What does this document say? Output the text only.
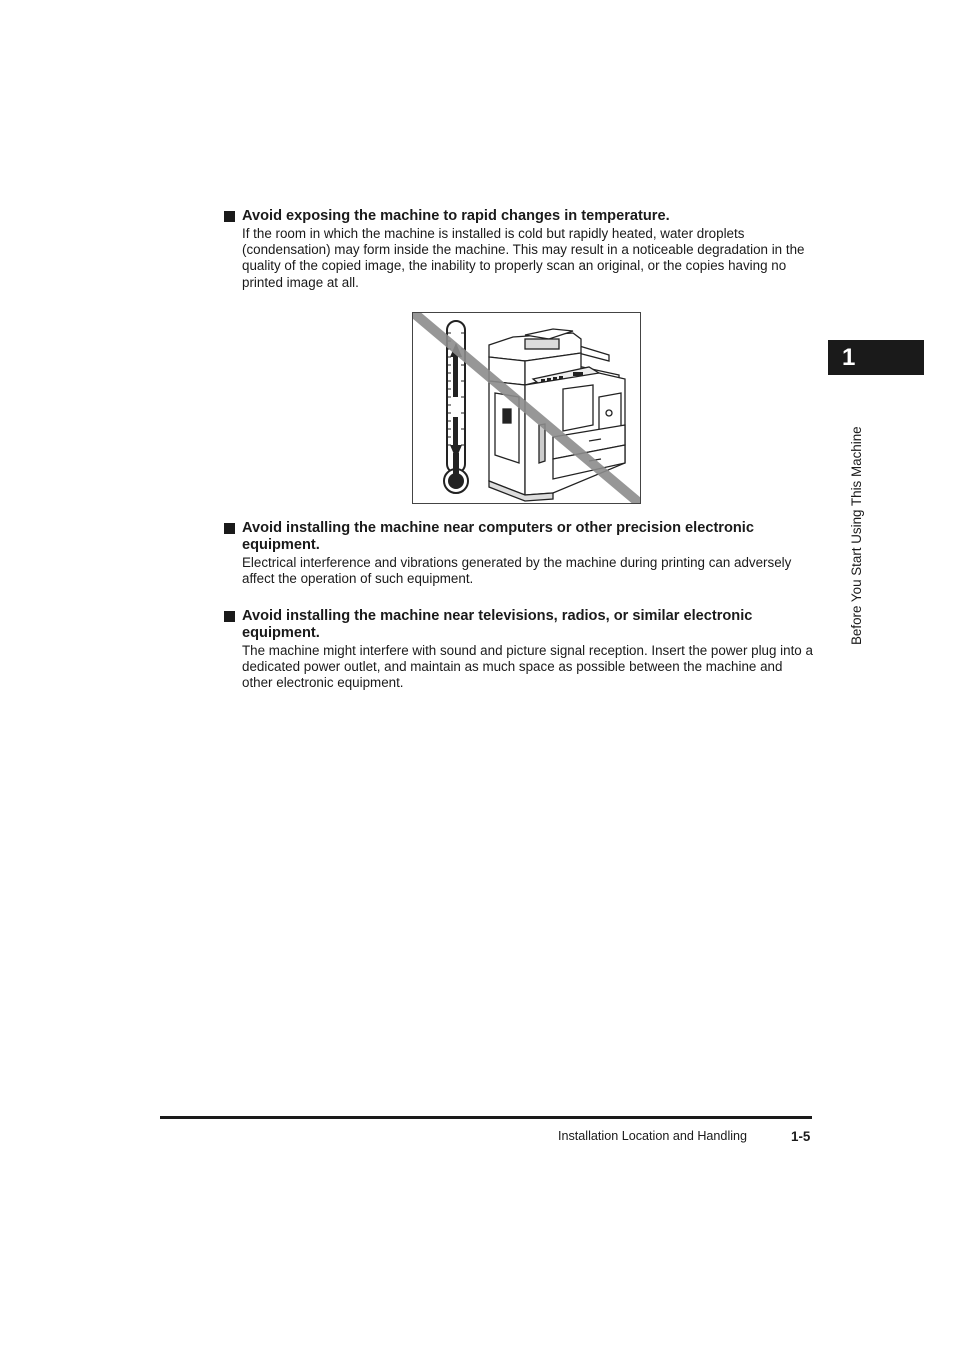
Avoid exposing the machine to rapid changes in temperature.

If the room in which the machine is installed is cold but rapidly heated, water droplets (condensation) may form inside the machine. This may result in a noticeable degradation in the quality of the copied image, the inability to properly scan an original, or the copies having no printed image at all.

Avoid installing the machine near computers or other precision electronic equipment.

Electrical interference and vibrations generated by the machine during printing can adversely affect the operation of such equipment.

Avoid installing the machine near televisions, radios, or similar electronic equipment.

The machine might interfere with sound and picture signal reception. Insert the power plug into a dedicated power outlet, and maintain as much space as possible between the machine and other electronic equipment.

1
Before You Start Using This Machine
Installation Location and Handling	1-5
